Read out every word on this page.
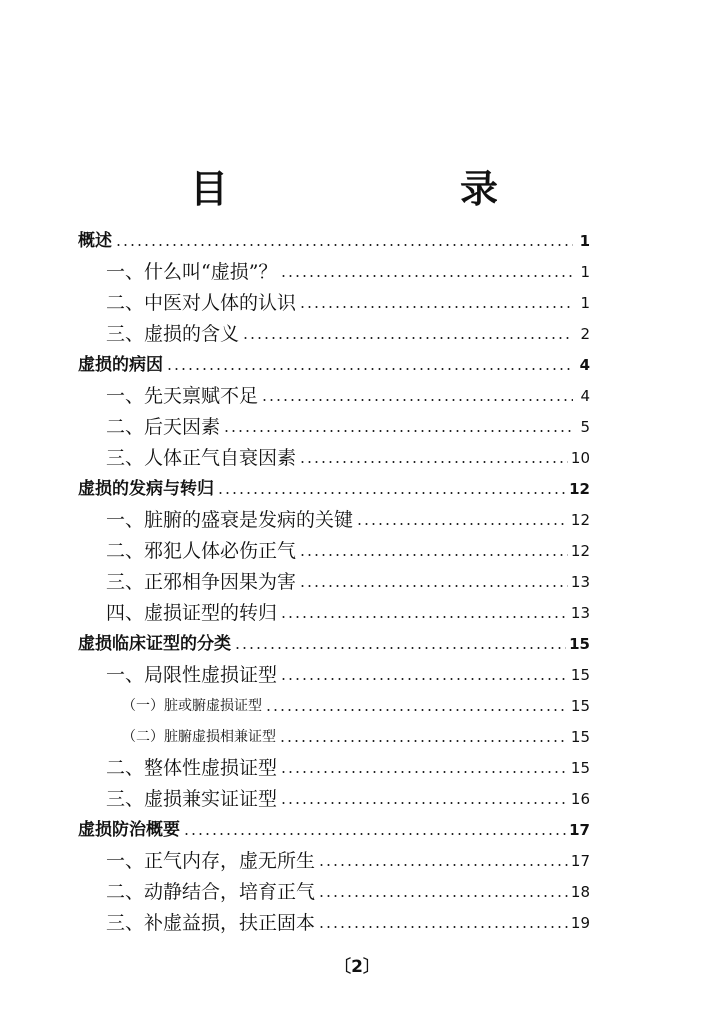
目　　录
概述	1
一、什么叫“虚损”？	1
二、中医对人体的认识	1
三、虚损的含义	2
虚损的病因	4
一、先天禀赋不足	4
二、后天因素	5
三、人体正气自衰因素	10
虚损的发病与转归	12
一、脏腑的盛衰是发病的关键	12
二、邪犯人体必伤正气	12
三、正邪相争因果为害	13
四、虚损证型的转归	13
虚损临床证型的分类	15
一、局限性虚损证型	15
（一）脏或腑虚损证型	15
（二）脏腑虚损相兼证型	15
二、整体性虚损证型	15
三、虚损兼实证证型	16
虚损防治概要	17
一、正气内存，虚无所生	17
二、动静结合，培育正气	18
三、补虚益损，扶正固本	19
〔2〕
